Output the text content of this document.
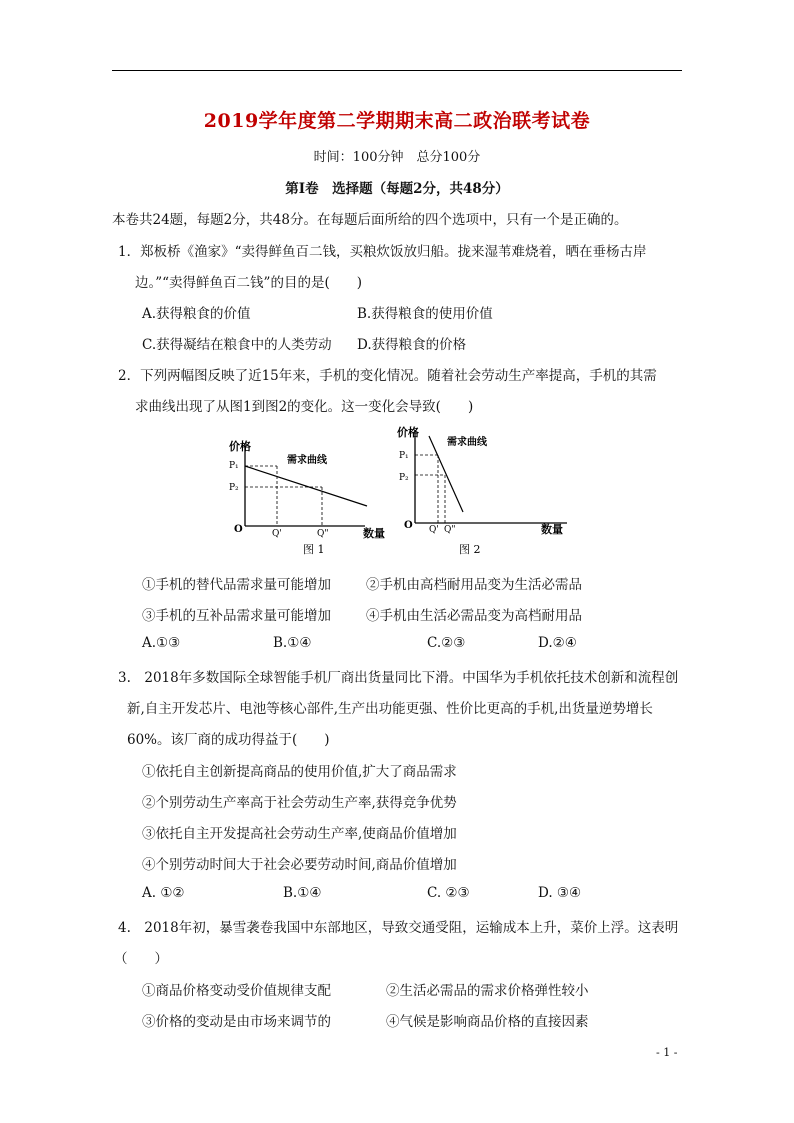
2019学年度第二学期期末高二政治联考试卷
时间：100分钟　总分100分
第Ⅰ卷　选择题（每题2分，共48分）
本卷共24题，每题2分，共48分。在每题后面所给的四个选项中，只有一个是正确的。
1．郑板桥《渔家》“卖得鲜鱼百二钱，买粮炊饭放归船。拢来湿苇难烧着，晒在垂杨古岸
边。”“卖得鲜鱼百二钱”的目的是(　　)
A.获得粮食的价值	B.获得粮食的使用价值
C.获得凝结在粮食中的人类劳动 D.获得粮食的价格
2．下列两幅图反映了近15年来，手机的变化情况。随着社会劳动生产率提高，手机的其需
求曲线出现了从图1到图2的变化。这一变化会导致(　　)
价格
P₁
P₂
需求曲线
O	Q'	Q"	数量
图 1
价格
P₁
P₂
需求曲线
O Q' Q"	数量
图 2
①手机的替代品需求量可能增加	②手机由高档耐用品变为生活必需品
③手机的互补品需求量可能增加	④手机由生活必需品变为高档耐用品
A.①③	B.①④	C.②③	D.②④
3.　2018年多数国际全球智能手机厂商出货量同比下滑。中国华为手机依托技术创新和流程创
新,自主开发芯片、电池等核心部件,生产出功能更强、性价比更高的手机,出货量逆势增长
60%。该厂商的成功得益于(　　)
①依托自主创新提高商品的使用价值,扩大了商品需求
②个别劳动生产率高于社会劳动生产率,获得竞争优势
③依托自主开发提高社会劳动生产率,使商品价值增加
④个别劳动时间大于社会必要劳动时间,商品价值增加
A. ①②	B.①④	C. ②③	D. ③④
4.　2018年初，暴雪袭卷我国中东部地区，导致交通受阻，运输成本上升，菜价上浮。这表明
（　　）
①商品价格变动受价值规律支配	②生活必需品的需求价格弹性较小
③价格的变动是由市场来调节的	④气候是影响商品价格的直接因素
- 1 -
